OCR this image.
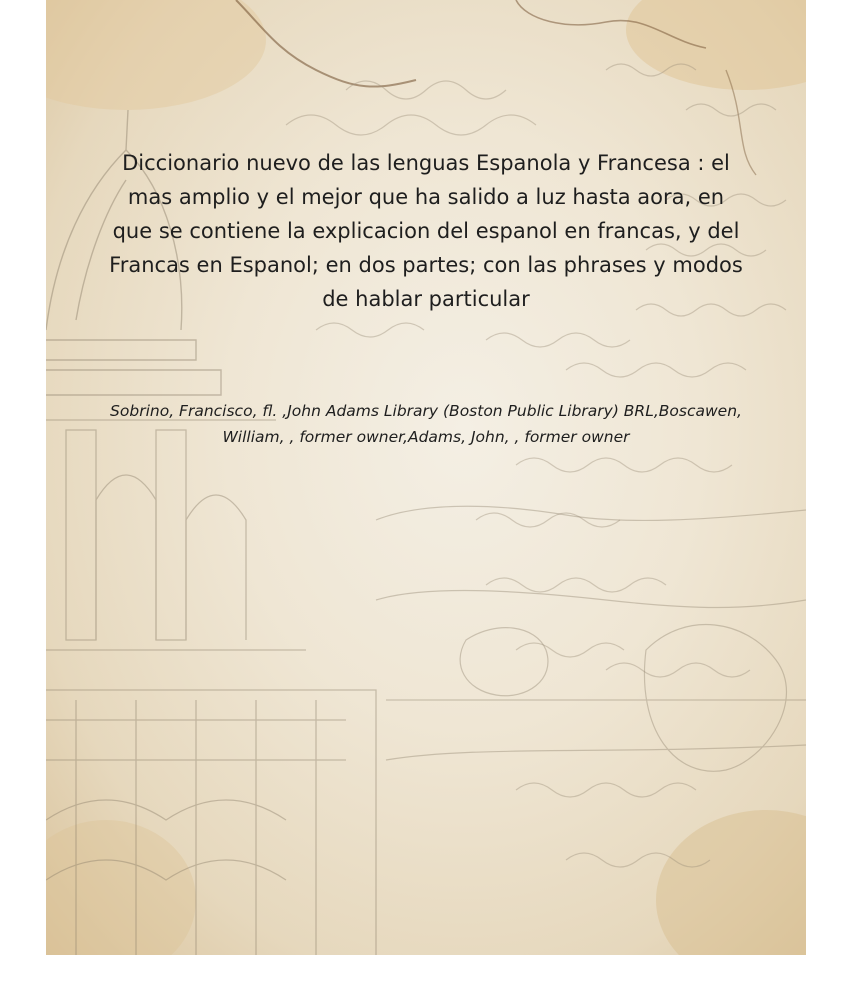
Diccionario nuevo de las lenguas Espanola y Francesa : el mas amplio y el mejor que ha salido a luz hasta aora, en que se contiene la explicacion del espanol en francas, y del Francas en Espanol; en dos partes; con las phrases y modos de hablar particular

Sobrino, Francisco, fl. ,John Adams Library (Boston Public Library) BRL,Boscawen, William, , former owner,Adams, John, , former owner
